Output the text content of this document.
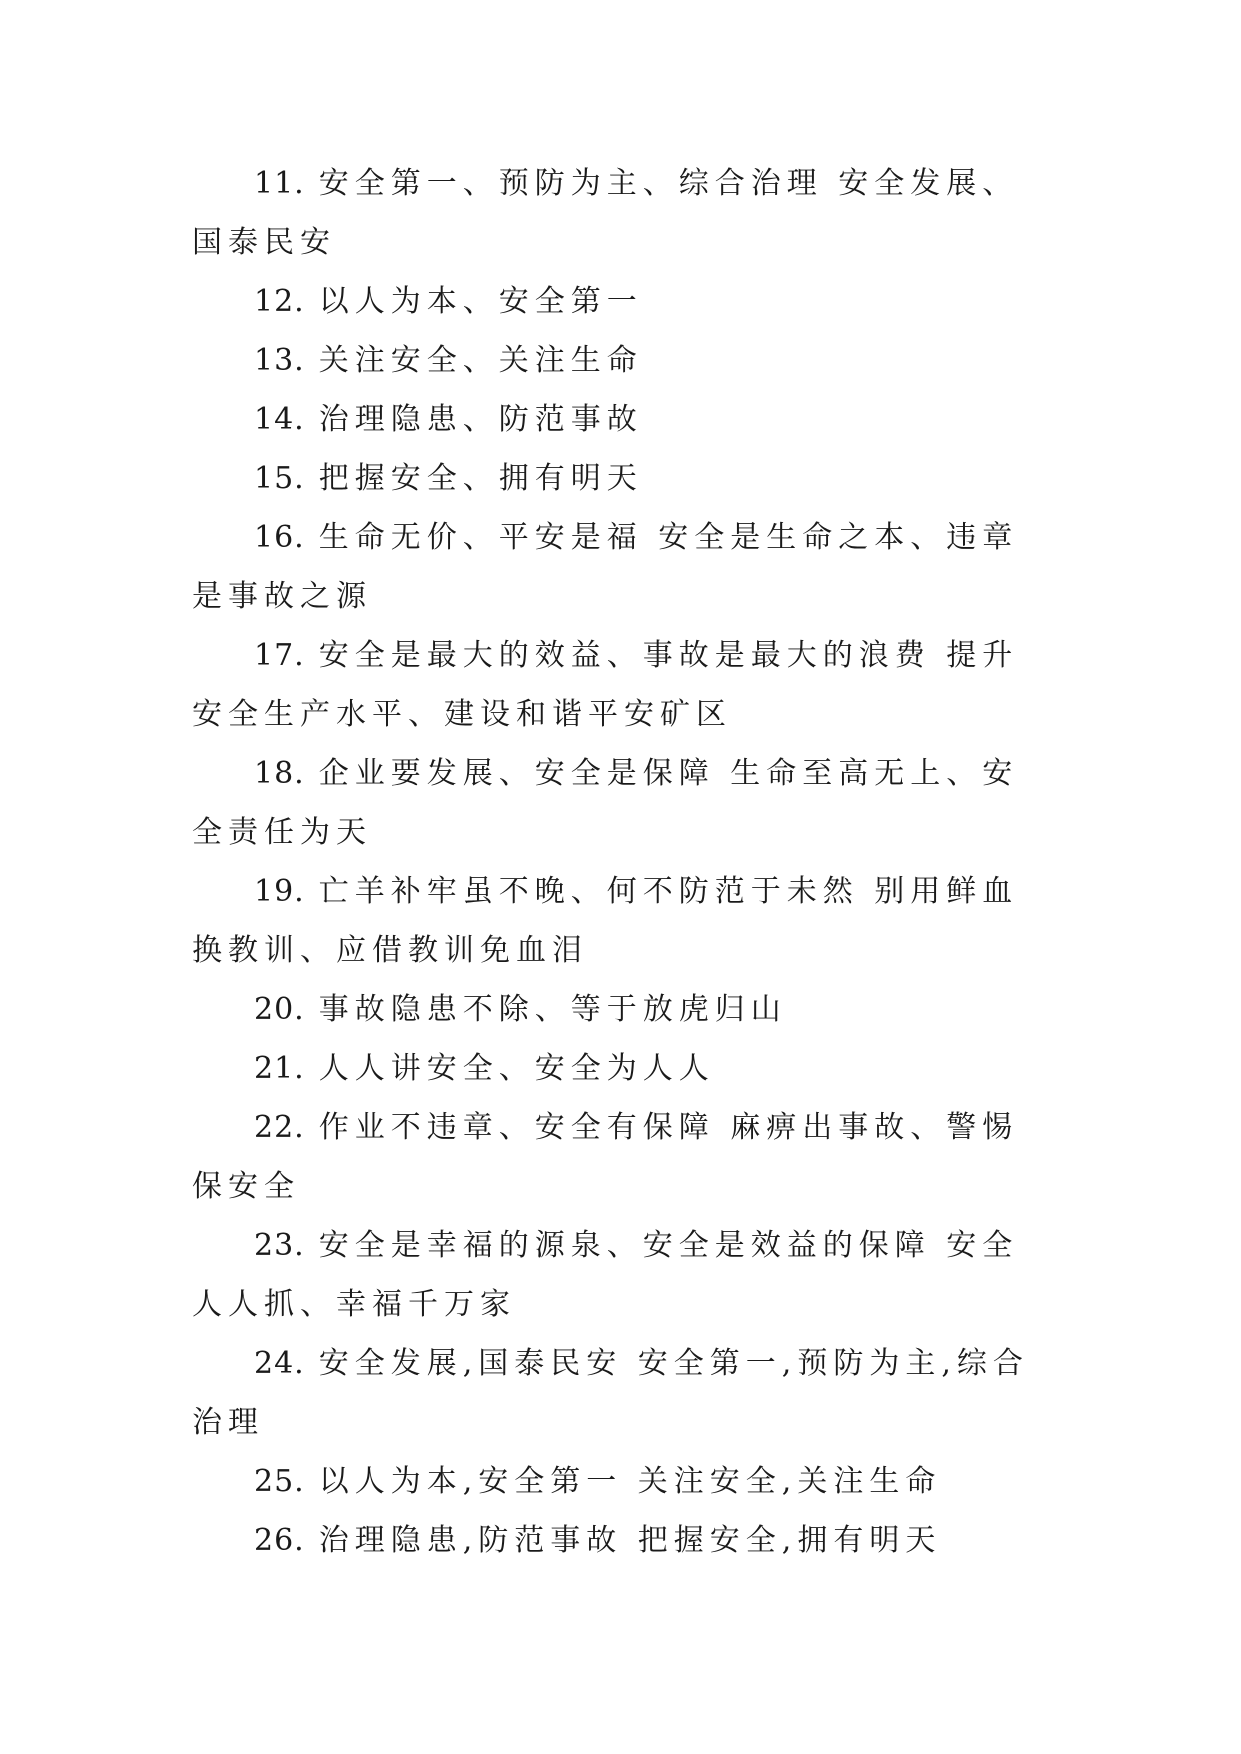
11. 安全第一、预防为主、综合治理 安全发展、国泰民安

12. 以人为本、安全第一

13. 关注安全、关注生命

14. 治理隐患、防范事故

15. 把握安全、拥有明天

16. 生命无价、平安是福 安全是生命之本、违章是事故之源

17. 安全是最大的效益、事故是最大的浪费 提升安全生产水平、建设和谐平安矿区

18. 企业要发展、安全是保障 生命至高无上、安全责任为天

19. 亡羊补牢虽不晚、何不防范于未然 别用鲜血换教训、应借教训免血泪

20. 事故隐患不除、等于放虎归山

21. 人人讲安全、安全为人人

22. 作业不违章、安全有保障 麻痹出事故、警惕保安全

23. 安全是幸福的源泉、安全是效益的保障 安全人人抓、幸福千万家

24. 安全发展,国泰民安 安全第一,预防为主,综合治理

25. 以人为本,安全第一 关注安全,关注生命

26. 治理隐患,防范事故 把握安全,拥有明天
